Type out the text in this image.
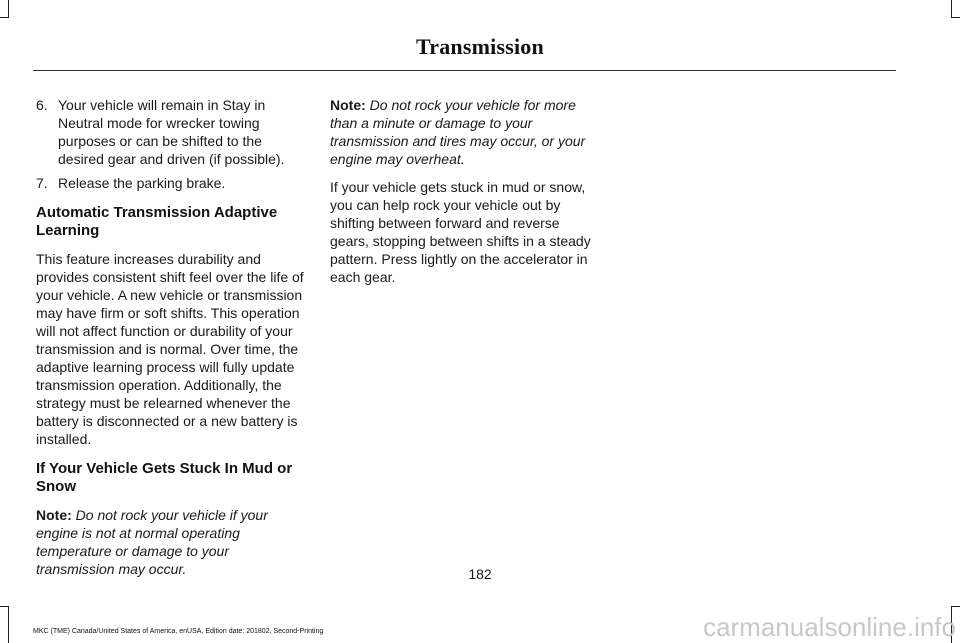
Transmission
6. Your vehicle will remain in Stay in Neutral mode for wrecker towing purposes or can be shifted to the desired gear and driven (if possible).
7. Release the parking brake.
Automatic Transmission Adaptive Learning

This feature increases durability and provides consistent shift feel over the life of your vehicle. A new vehicle or transmission may have firm or soft shifts. This operation will not affect function or durability of your transmission and is normal. Over time, the adaptive learning process will fully update transmission operation. Additionally, the strategy must be relearned whenever the battery is disconnected or a new battery is installed.

If Your Vehicle Gets Stuck In Mud or Snow

Note: Do not rock your vehicle if your engine is not at normal operating temperature or damage to your transmission may occur.

Note: Do not rock your vehicle for more than a minute or damage to your transmission and tires may occur, or your engine may overheat.

If your vehicle gets stuck in mud or snow, you can help rock your vehicle out by shifting between forward and reverse gears, stopping between shifts in a steady pattern. Press lightly on the accelerator in each gear.

182
MKC (TME) Canada/United States of America, enUSA, Edition date: 201802, Second-Printing	carmanualsonline.info
